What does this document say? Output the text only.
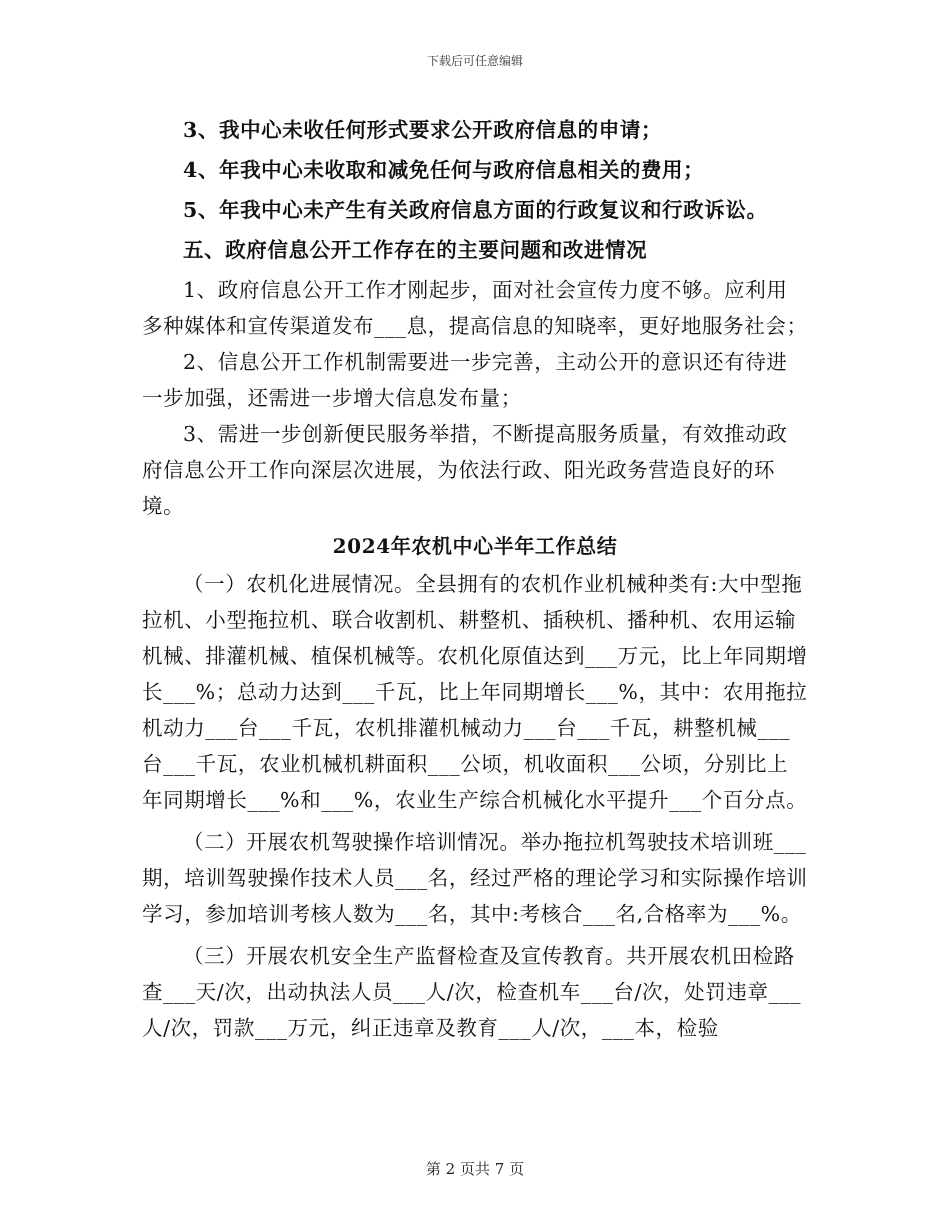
下载后可任意编辑

3、我中心未收任何形式要求公开政府信息的申请；

4、年我中心未收取和减免任何与政府信息相关的费用；

5、年我中心未产生有关政府信息方面的行政复议和行政诉讼。

五、政府信息公开工作存在的主要问题和改进情况

1、政府信息公开工作才刚起步，面对社会宣传力度不够。应利用多种媒体和宣传渠道发布___息，提高信息的知晓率，更好地服务社会；

2、信息公开工作机制需要进一步完善，主动公开的意识还有待进一步加强，还需进一步增大信息发布量；

3、需进一步创新便民服务举措，不断提高服务质量，有效推动政府信息公开工作向深层次进展，为依法行政、阳光政务营造良好的环境。

2024年农机中心半年工作总结

（一）农机化进展情况。全县拥有的农机作业机械种类有:大中型拖拉机、小型拖拉机、联合收割机、耕整机、插秧机、播种机、农用运输机械、排灌机械、植保机械等。农机化原值达到___万元，比上年同期增长___%；总动力达到___千瓦，比上年同期增长___%，其中：农用拖拉机动力___台___千瓦，农机排灌机械动力___台___千瓦，耕整机械___台___千瓦，农业机械机耕面积___公顷，机收面积___公顷，分别比上年同期增长___%和___%，农业生产综合机械化水平提升___个百分点。

（二）开展农机驾驶操作培训情况。举办拖拉机驾驶技术培训班___期，培训驾驶操作技术人员___名，经过严格的理论学习和实际操作培训学习，参加培训考核人数为___名，其中:考核合___名,合格率为___%。

（三）开展农机安全生产监督检查及宣传教育。共开展农机田检路查___天/次，出动执法人员___人/次，检查机车___台/次，处罚违章___人/次，罚款___万元，纠正违章及教育___人/次，___本，检验

第 2 页共 7 页
